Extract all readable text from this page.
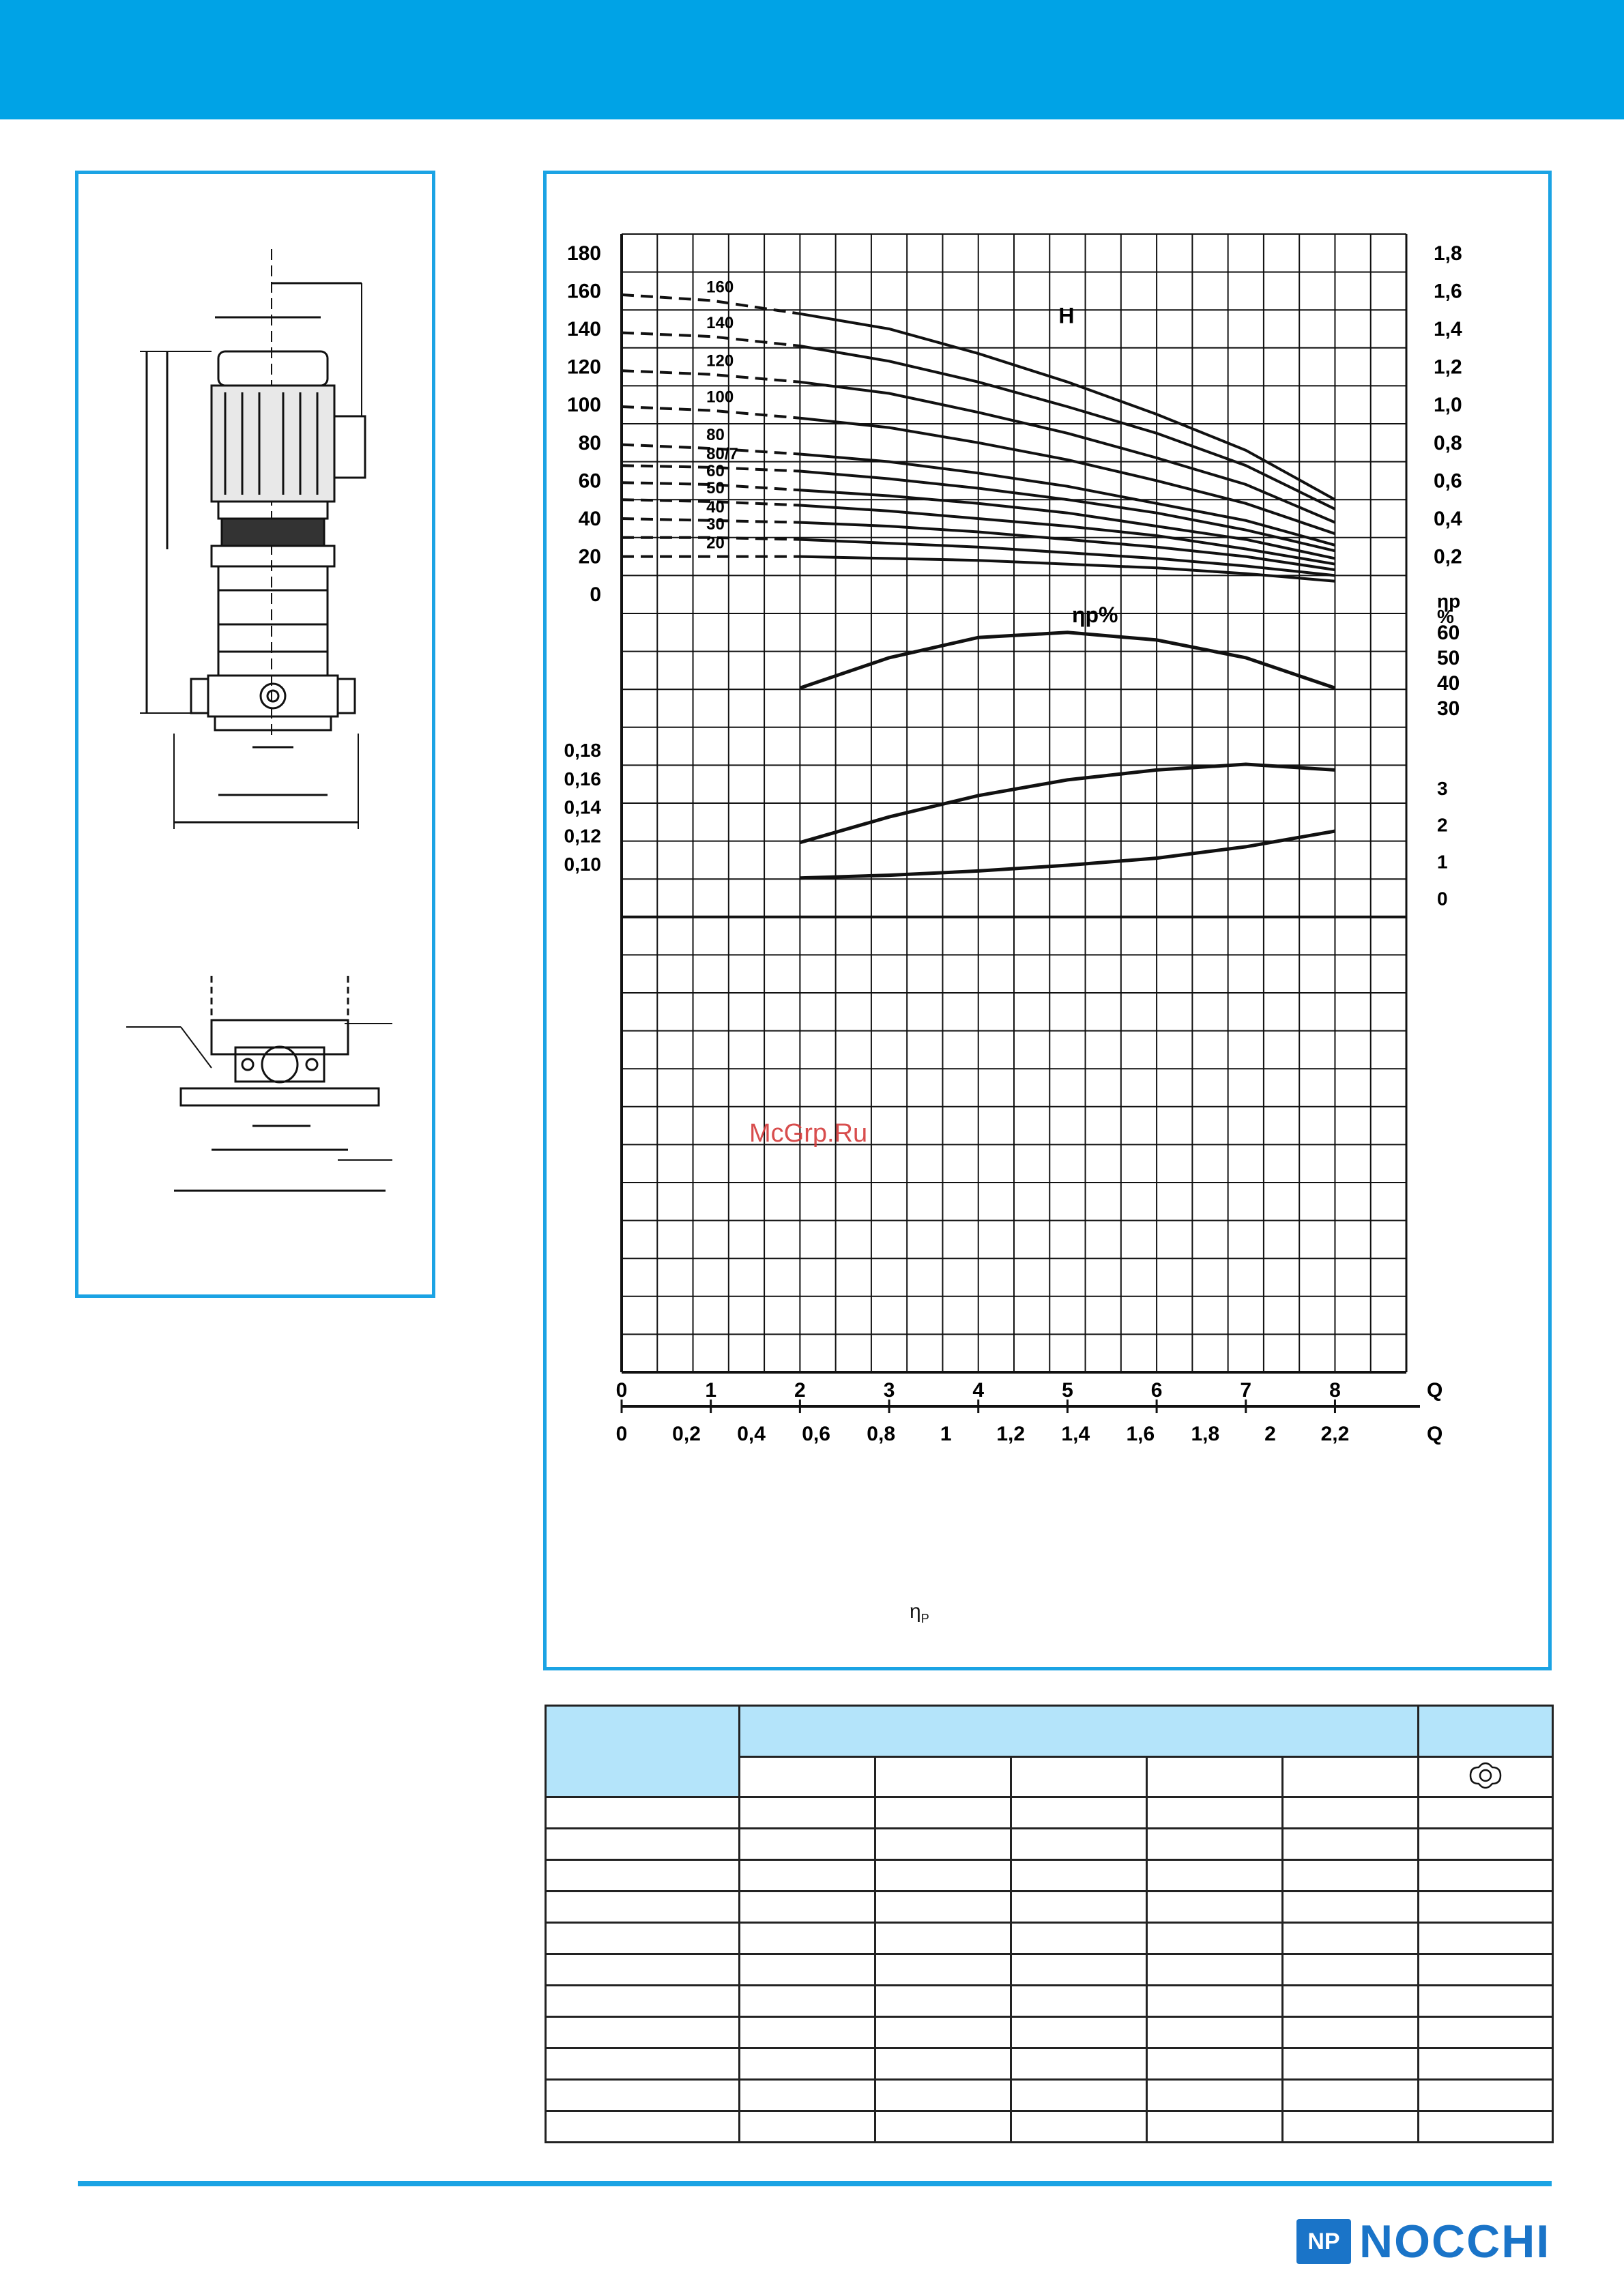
180
160
140
120
100
80
60
40
20
0
1,8
1,6
1,4
1,2
1,0
0,8
0,6
0,4
0,2
H
160
140
120
100
80
80/7
60
50
40
30
20
60
50
40
30
ηp
%
ηp%
0,18
0,16
0,14
0,12
0,10
3
2
1
0
0	1	2	3	4	5	6	7	8	Q
0 0,2 0,4 0,6 0,8 1 1,2 1,4 1,6 1,8 2 2,2	Q
$\eta_P$
McGrp.Ru

NP NOCCHI
